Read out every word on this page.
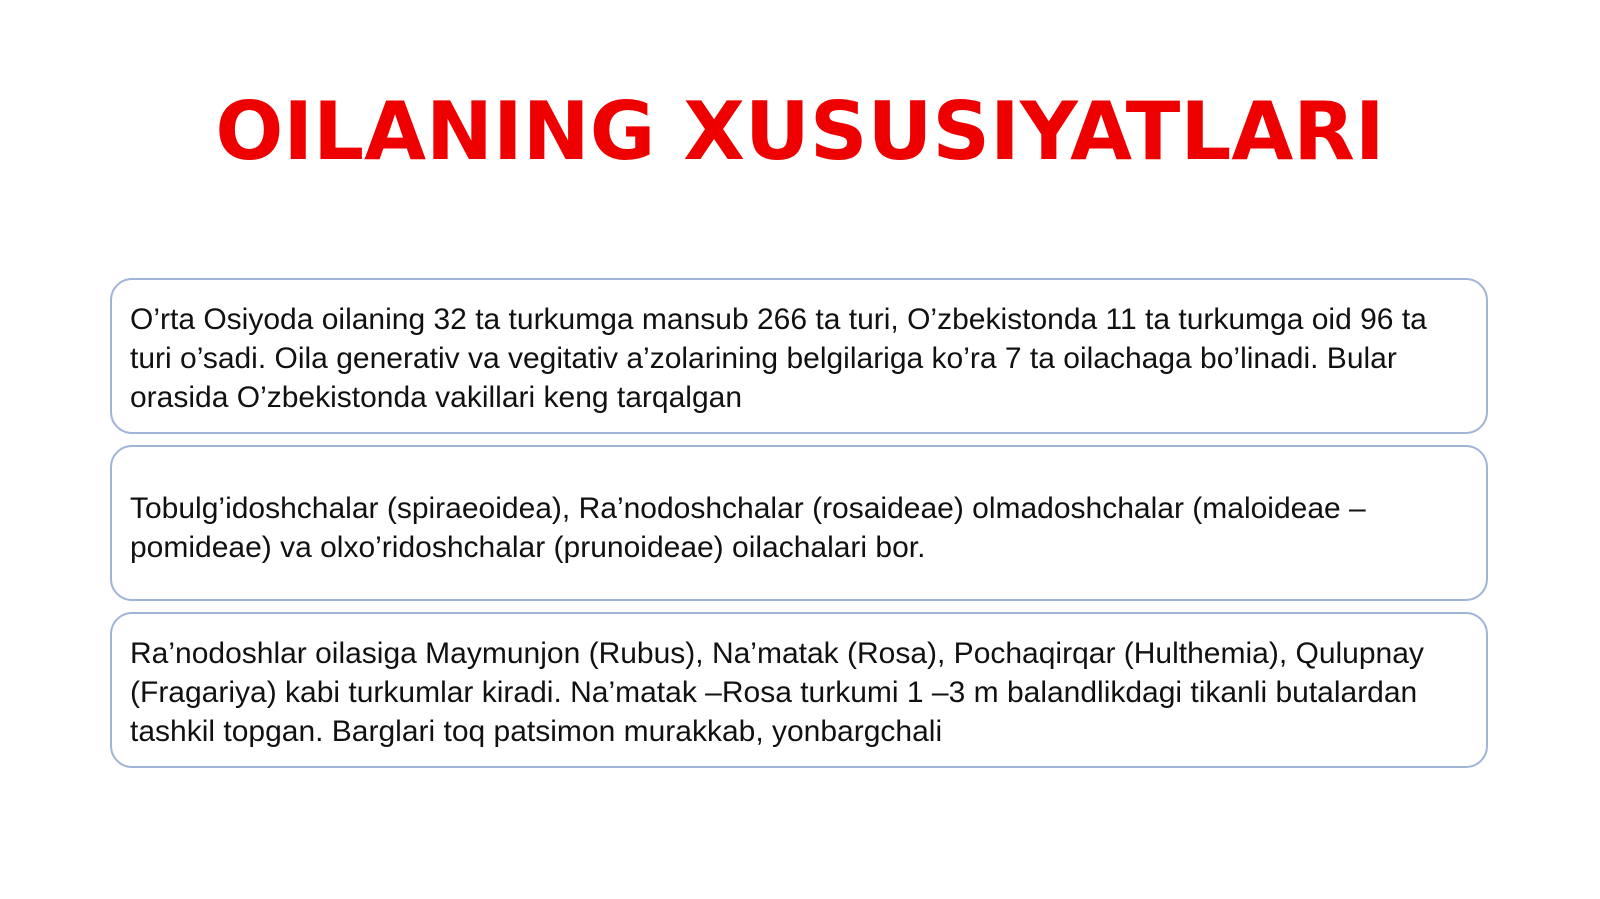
OILANING XUSUSIYATLARI

O’rta Osiyoda oilaning 32 ta turkumga mansub 266 ta turi, O’zbekistonda 11 ta turkumga oid 96 ta turi o’sadi. Oila generativ va vegitativ a’zolarining belgilariga ko’ra 7 ta oilachaga bo’linadi. Bular orasida O’zbekistonda vakillari keng tarqalgan

Tobulg’idoshchalar (spiraeoidea), Ra’nodoshchalar (rosaideae) olmadoshchalar (maloideae –pomideae) va olxo’ridoshchalar (prunoideae) oilachalari bor.

Ra’nodoshlar oilasiga Maymunjon (Rubus), Na’matak (Rosa), Pochaqirqar (Hulthemia), Qulupnay (Fragariya) kabi turkumlar kiradi. Na’matak –Rosa turkumi 1 –3 m balandlikdagi tikanli butalardan tashkil topgan. Barglari toq patsimon murakkab, yonbargchali
